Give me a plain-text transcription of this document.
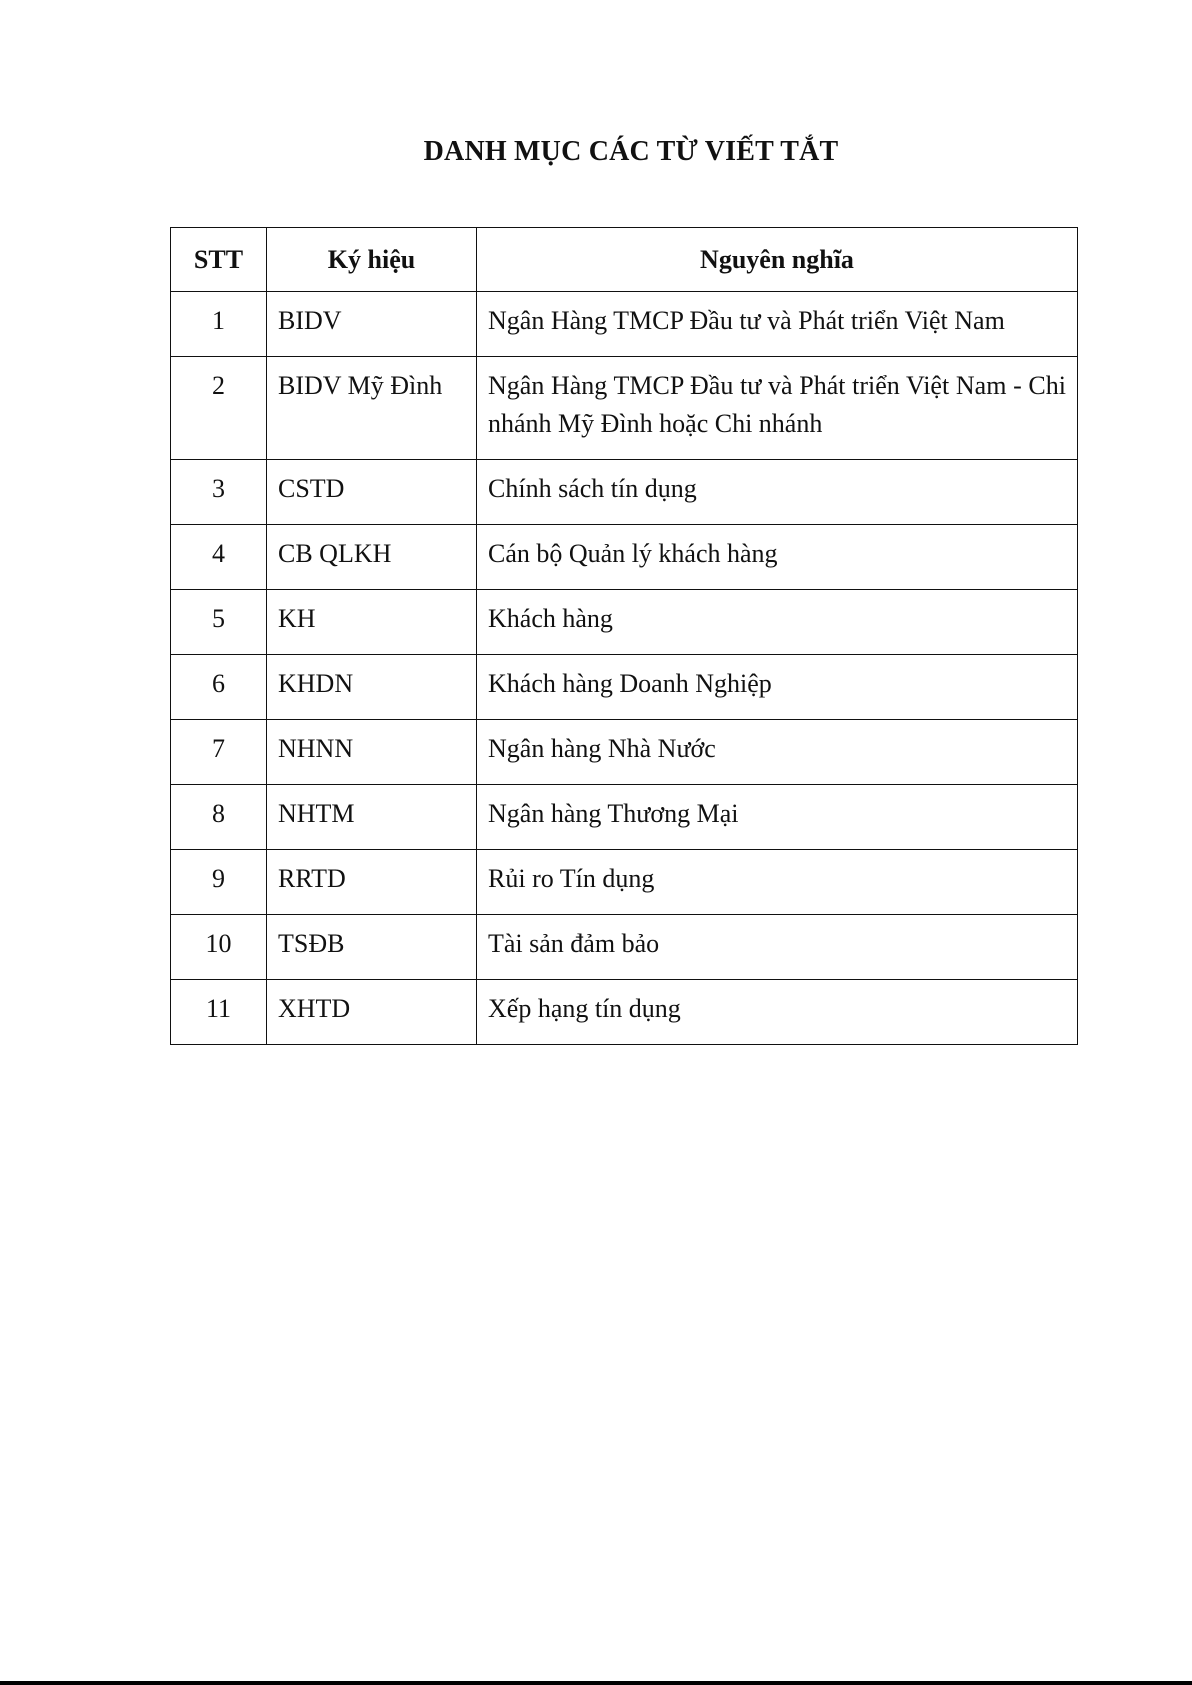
DANH MỤC CÁC TỪ VIẾT TẮT
STT	Ký hiệu	Nguyên nghĩa
1	BIDV	Ngân Hàng TMCP Đầu tư và Phát triển Việt Nam
2	BIDV Mỹ Đình	Ngân Hàng TMCP Đầu tư và Phát triển Việt Nam - Chi nhánh Mỹ Đình hoặc Chi nhánh
3	CSTD	Chính sách tín dụng
4	CB QLKH	Cán bộ Quản lý khách hàng
5	KH	Khách hàng
6	KHDN	Khách hàng Doanh Nghiệp
7	NHNN	Ngân hàng Nhà Nước
8	NHTM	Ngân hàng Thương Mại
9	RRTD	Rủi ro Tín dụng
10	TSĐB	Tài sản đảm bảo
11	XHTD	Xếp hạng tín dụng
